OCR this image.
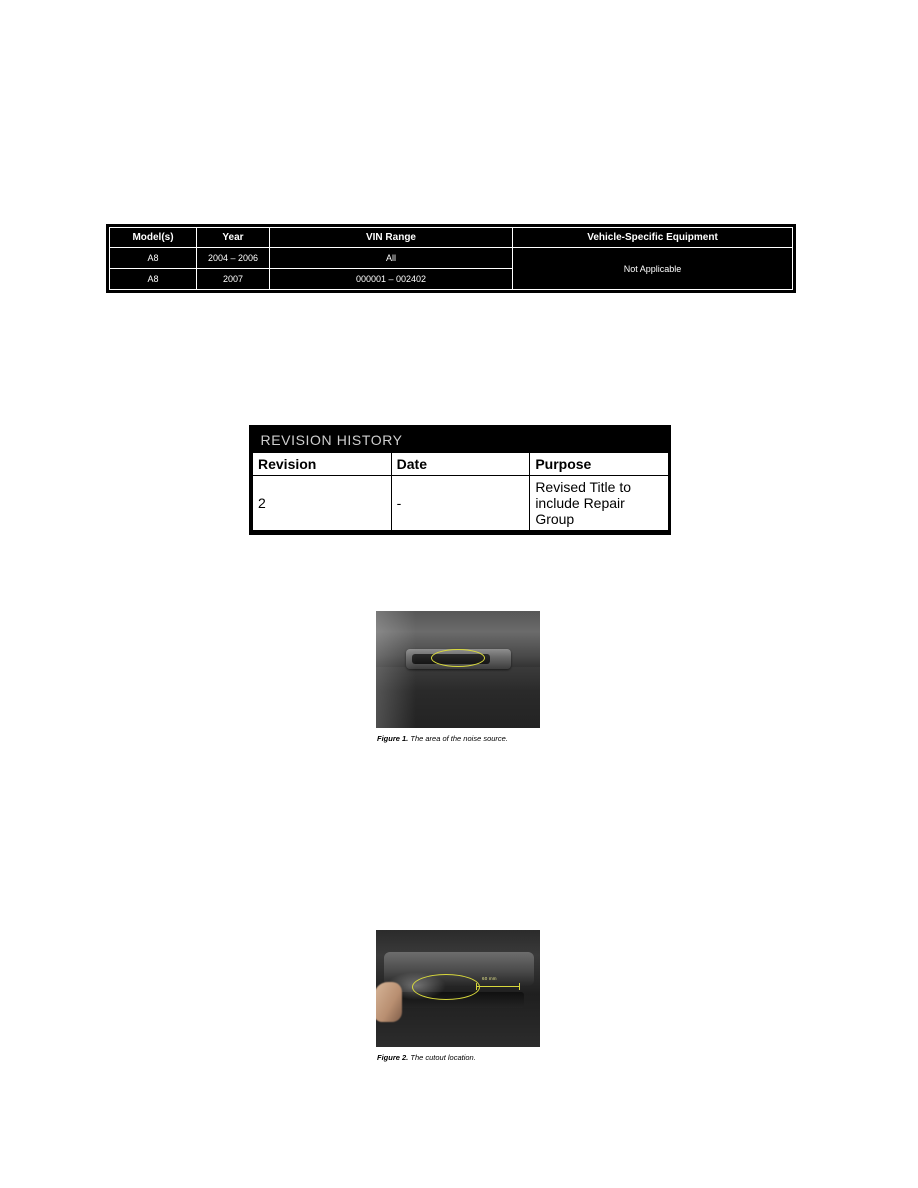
Model(s)	Year	VIN Range	Vehicle-Specific Equipment
A8	2004 – 2006	All	Not Applicable
A8	2007	000001 – 002402	
REVISION HISTORY		
Revision	Date	Purpose
2	-	Revised Title to include Repair Group
Figure 1. The area of the noise source.
60 mm
Figure 2. The cutout location.
